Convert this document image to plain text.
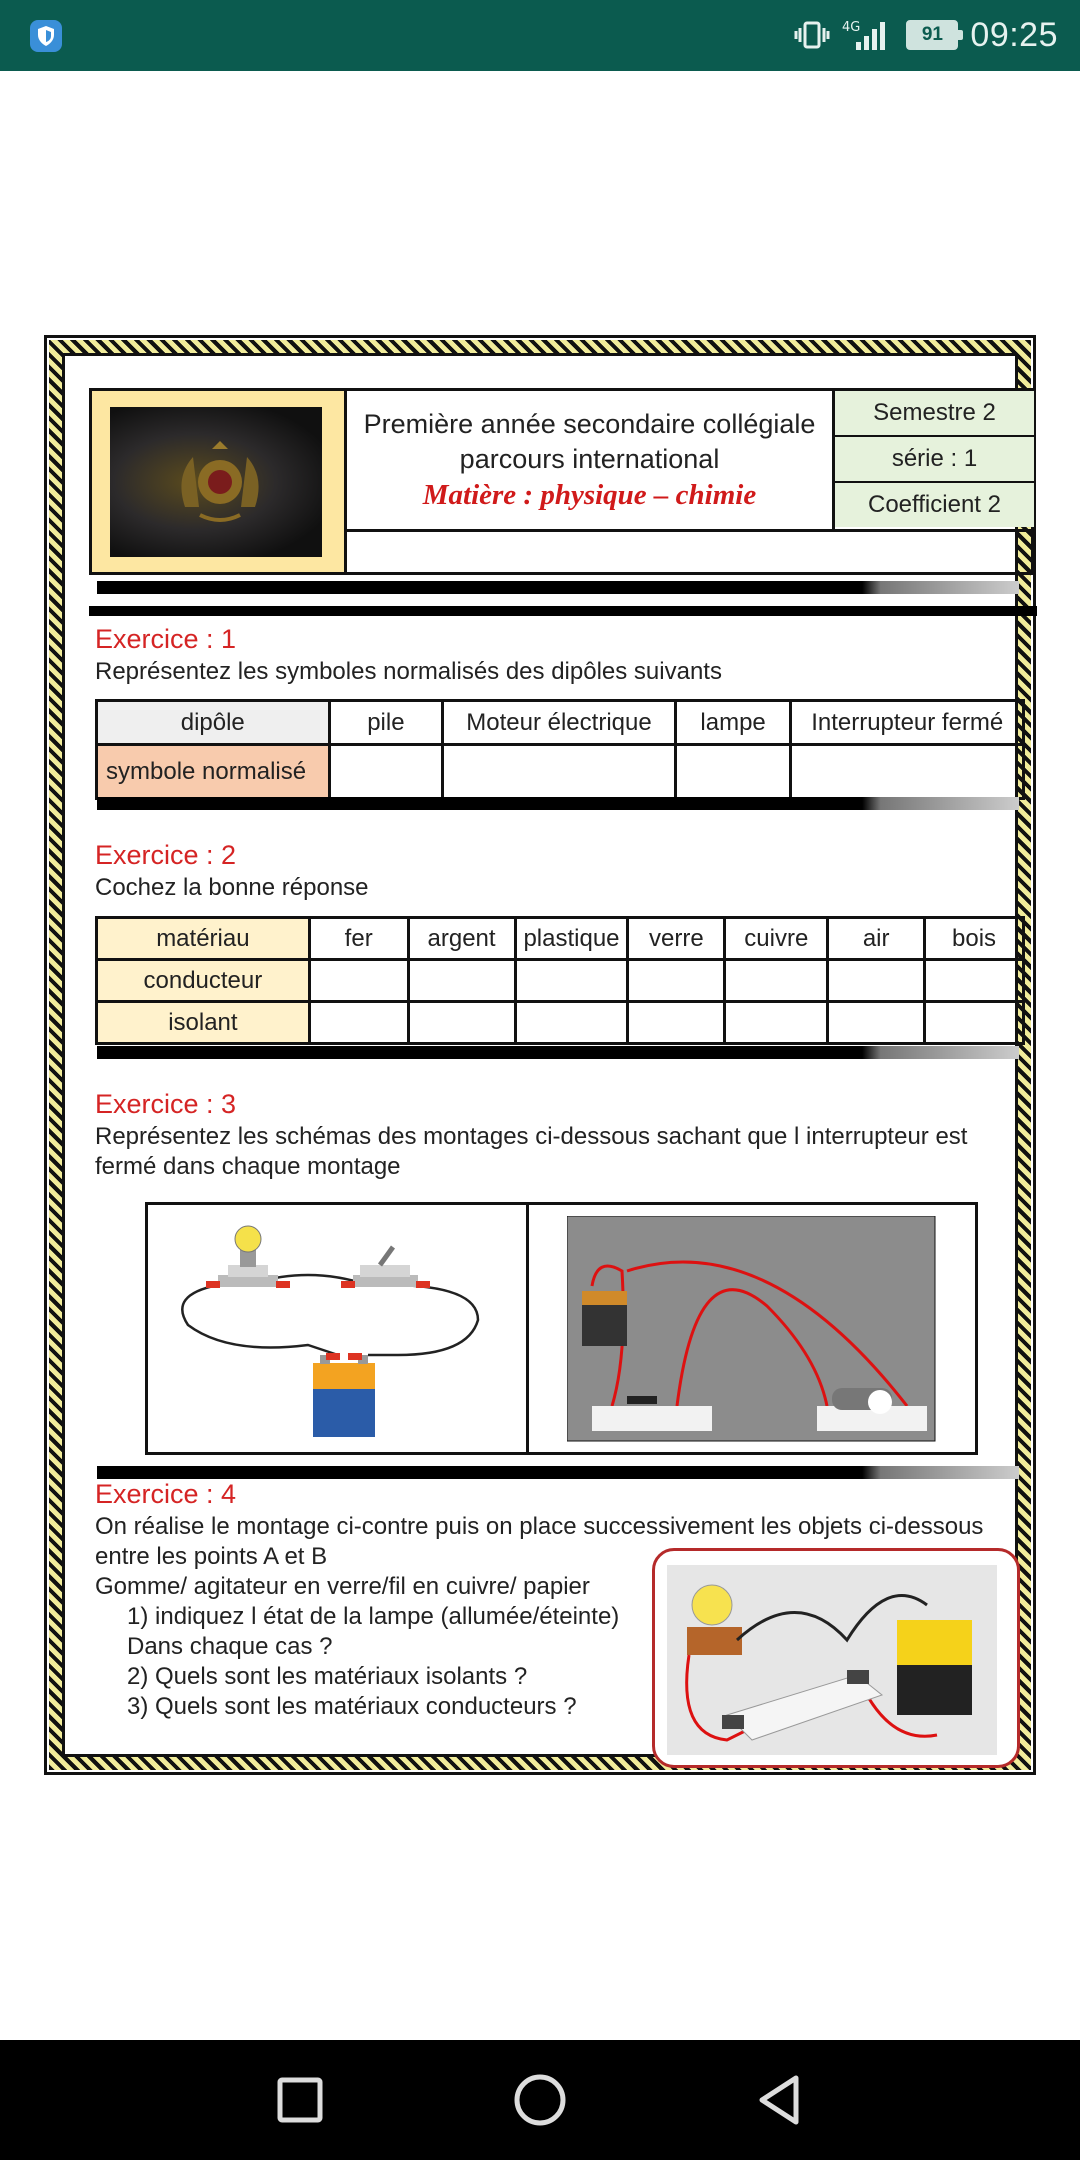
4G	91 09:25
Première année secondaire collégiale
parcours international
Matière : physique – chimie
Semestre 2
série : 1
Coefficient 2
Exercice : 1
Représentez les symboles normalisés des dipôles suivants
dipôle	pile	Moteur électrique	lampe	Interrupteur fermé
symbole normalisé				
Exercice : 2
Cochez la bonne réponse
matériau	fer	argent	plastique	verre	cuivre	air	bois
conducteur							
isolant							
Exercice : 3
Représentez les schémas des montages ci-dessous sachant que l interrupteur est
fermé dans chaque montage
Exercice : 4
On réalise le montage ci-contre puis on place successivement les objets ci-dessous
entre les points A et B
Gomme/ agitateur en verre/fil en cuivre/ papier
1) indiquez l état de la lampe (allumée/éteinte)
Dans chaque cas ?
2) Quels sont les matériaux isolants ?
3) Quels sont les matériaux conducteurs ?
